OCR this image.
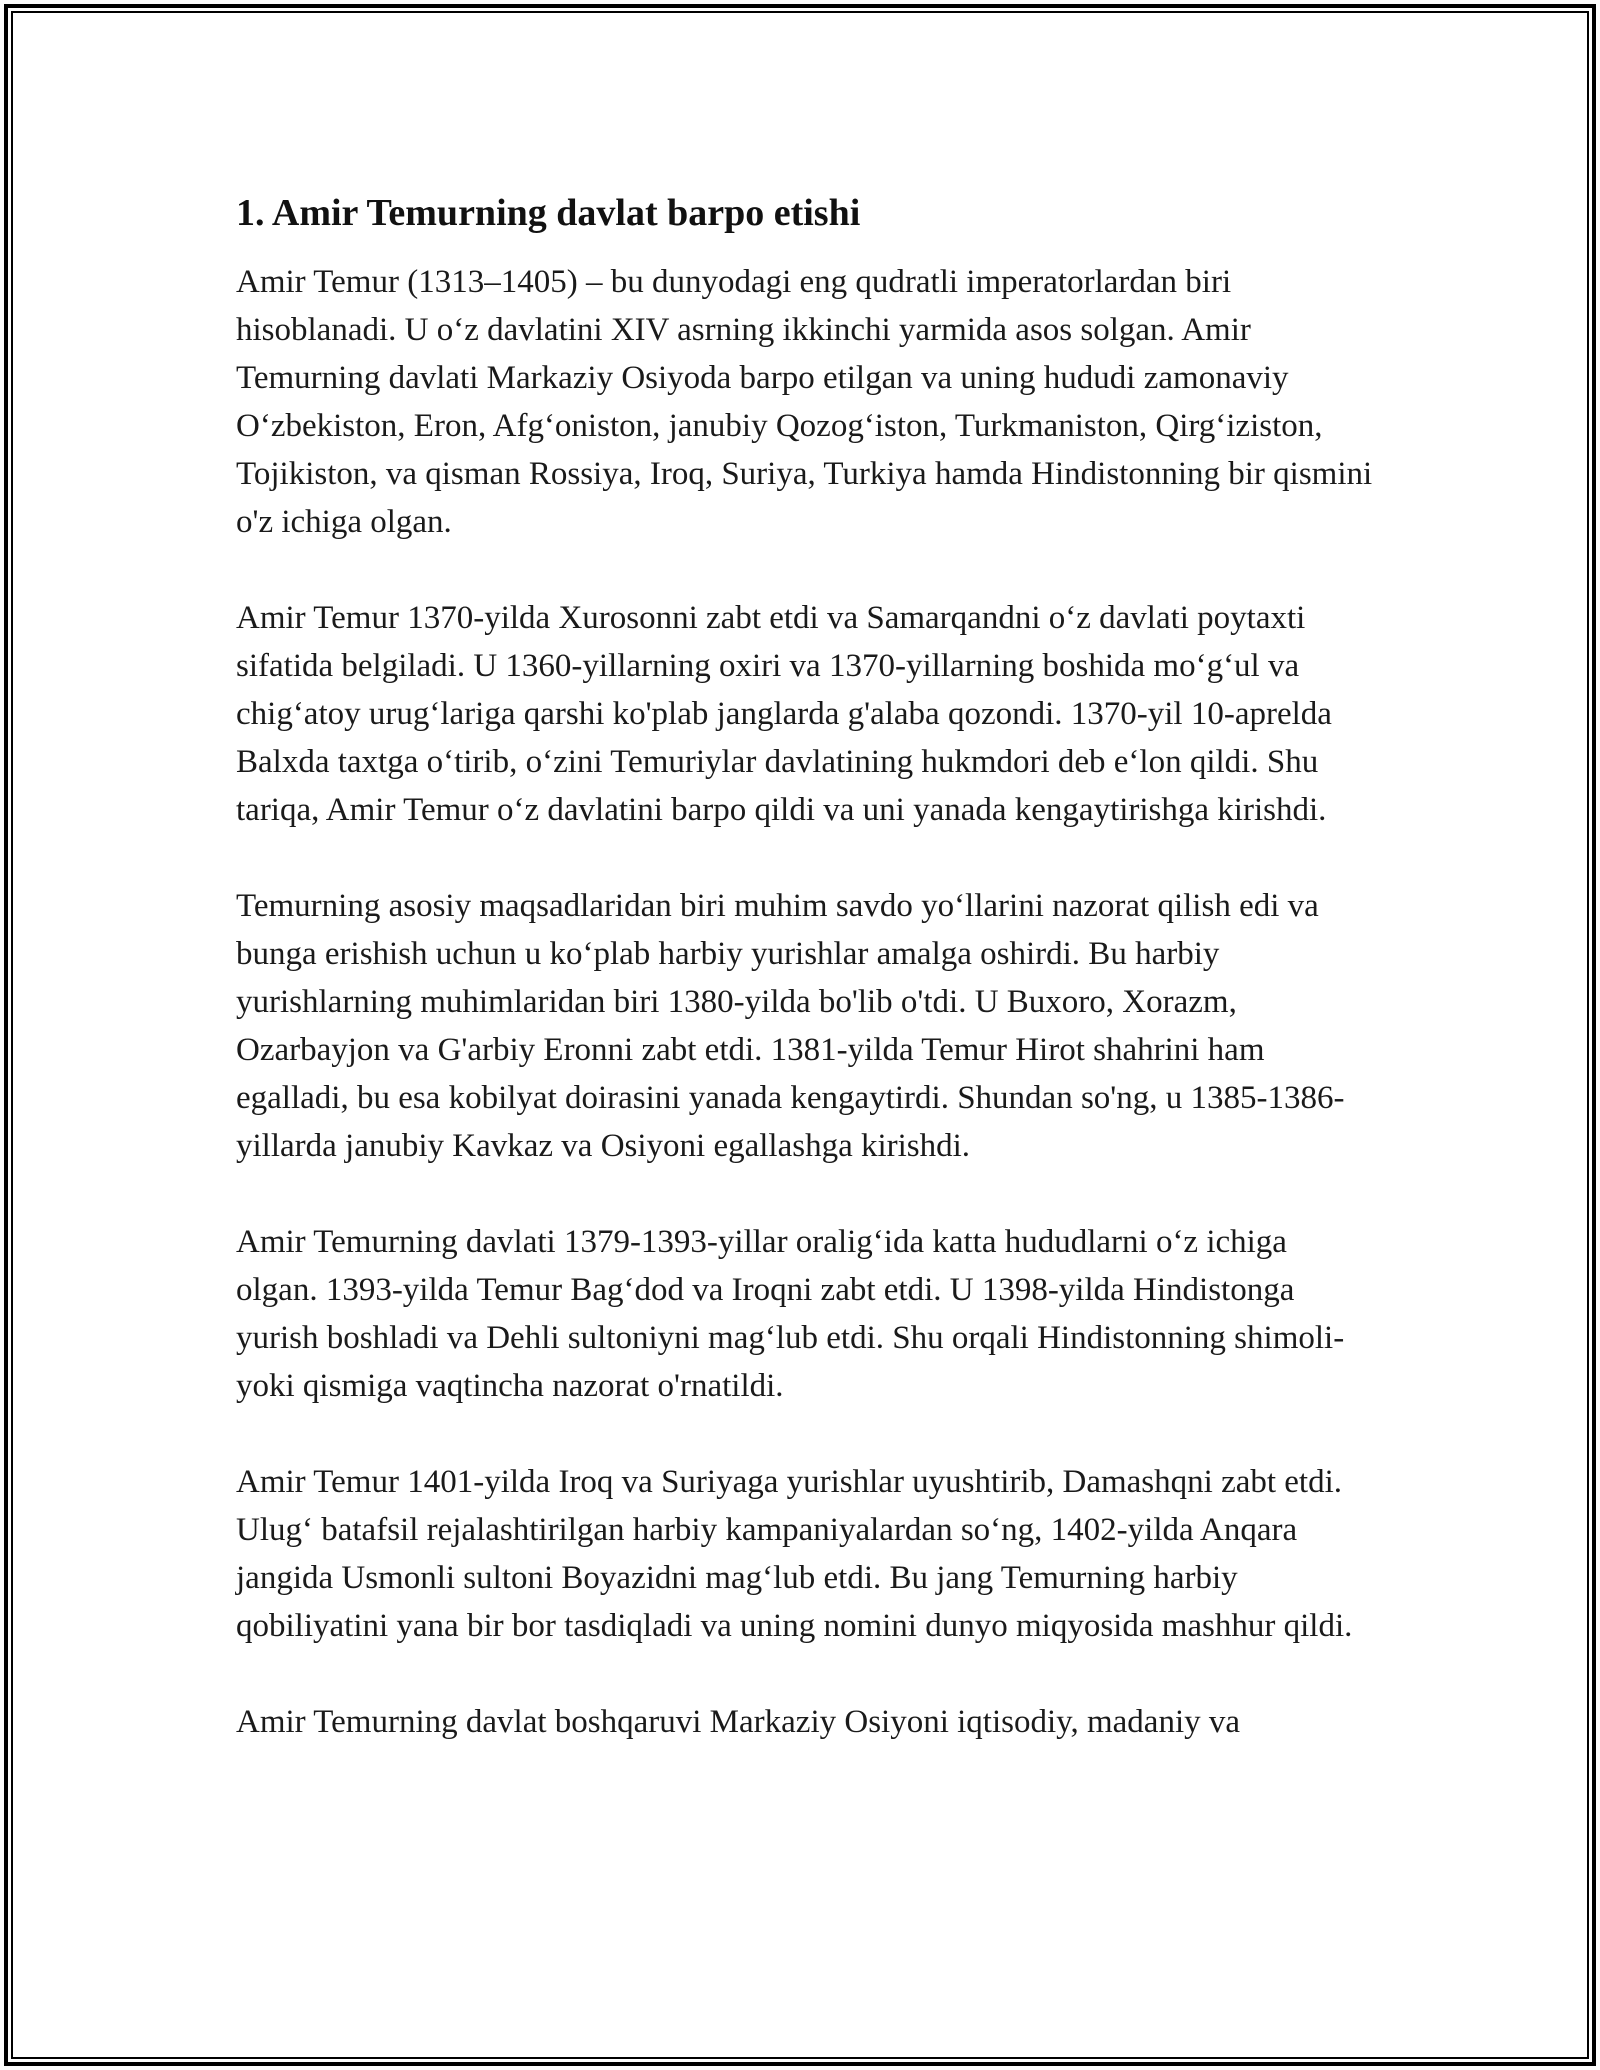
1. Amir Temurning davlat barpo etishi

Amir Temur (1313–1405) – bu dunyodagi eng qudratli imperatorlardan biri hisoblanadi. U o‘z davlatini XIV asrning ikkinchi yarmida asos solgan. Amir Temurning davlati Markaziy Osiyoda barpo etilgan va uning hududi zamonaviy O‘zbekiston, Eron, Afg‘oniston, janubiy Qozog‘iston, Turkmaniston, Qirg‘iziston, Tojikiston, va qisman Rossiya, Iroq, Suriya, Turkiya hamda Hindistonning bir qismini o'z ichiga olgan.

Amir Temur 1370-yilda Xurosonni zabt etdi va Samarqandni o‘z davlati poytaxti sifatida belgiladi. U 1360-yillarning oxiri va 1370-yillarning boshida mo‘g‘ul va chig‘atoy urug‘lariga qarshi ko'plab janglarda g'alaba qozondi. 1370-yil 10-aprelda Balxda taxtga o‘tirib, o‘zini Temuriylar davlatining hukmdori deb e‘lon qildi. Shu tariqa, Amir Temur o‘z davlatini barpo qildi va uni yanada kengaytirishga kirishdi.

Temurning asosiy maqsadlaridan biri muhim savdo yo‘llarini nazorat qilish edi va bunga erishish uchun u ko‘plab harbiy yurishlar amalga oshirdi. Bu harbiy yurishlarning muhimlaridan biri 1380-yilda bo'lib o'tdi. U Buxoro, Xorazm, Ozarbayjon va G'arbiy Eronni zabt etdi. 1381-yilda Temur Hirot shahrini ham egalladi, bu esa kobilyat doirasini yanada kengaytirdi. Shundan so'ng, u 1385-1386-yillarda janubiy Kavkaz va Osiyoni egallashga kirishdi.

Amir Temurning davlati 1379-1393-yillar oralig‘ida katta hududlarni o‘z ichiga olgan. 1393-yilda Temur Bag‘dod va Iroqni zabt etdi. U 1398-yilda Hindistonga yurish boshladi va Dehli sultoniyni mag‘lub etdi. Shu orqali Hindistonning shimoli-yoki qismiga vaqtincha nazorat o'rnatildi.

Amir Temur 1401-yilda Iroq va Suriyaga yurishlar uyushtirib, Damashqni zabt etdi. Ulug‘ batafsil rejalashtirilgan harbiy kampaniyalardan so‘ng, 1402-yilda Anqara jangida Usmonli sultoni Boyazidni mag‘lub etdi. Bu jang Temurning harbiy qobiliyatini yana bir bor tasdiqladi va uning nomini dunyo miqyosida mashhur qildi.

Amir Temurning davlat boshqaruvi Markaziy Osiyoni iqtisodiy, madaniy va
